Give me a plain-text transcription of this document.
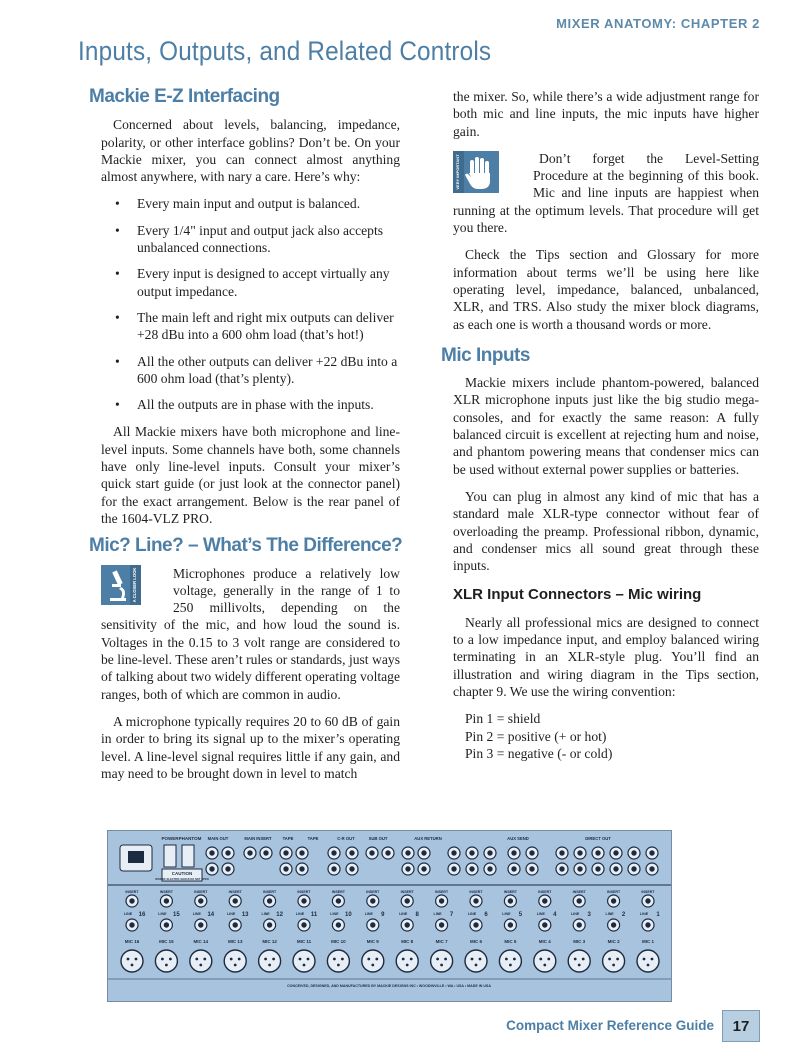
MIXER ANATOMY: CHAPTER 2
Inputs, Outputs, and Related Controls
Mackie E-Z Interfacing

Concerned about levels, balancing, impedance, polarity, or other interface goblins? Don’t be. On your Mackie mixer, you can connect almost anything almost anywhere, with nary a care. Here’s why:

• Every main input and output is balanced.
• Every 1/4" input and output jack also accepts unbalanced connections.
• Every input is designed to accept virtually any output impedance.
• The main left and right mix outputs can deliver +28 dBu into a 600 ohm load (that’s hot!)
• All the other outputs can deliver +22 dBu into a 600 ohm load (that’s plenty).
• All the outputs are in phase with the inputs.

All Mackie mixers have both microphone and line-level inputs. Some channels have both, some channels have only line-level inputs. Consult your mixer’s quick start guide (or just look at the connector panel) for the exact arrangement. Below is the rear panel of the 1604-VLZ PRO.

Mic? Line? – What’s The Difference?
A CLOSER LOOK	Microphones produce a relatively low voltage, generally in the range of 1 to 250 millivolts, depending on the sensitivity of the mic, and how loud the sound is. Voltages in the 0.15 to 3 volt range are considered to be line-level. These aren’t rules or standards, just ways of talking about two widely different operating voltage ranges, both of which are common in audio.

A microphone typically requires 20 to 60 dB of gain in order to bring its signal up to the mixer’s operating level. A line-level signal requires little if any gain, and may need to be brought down in level to match

the mixer. So, while there’s a wide adjustment range for both mic and line inputs, the mic inputs have higher gain.

VERY IMPORTANT	Don’t forget the Level-Setting Procedure at the beginning of this book. Mic and line inputs are happiest when running at the optimum levels. That procedure will get you there.

Check the Tips section and Glossary for more information about terms we’ll be using here like operating level, impedance, balanced, unbalanced, XLR, and TRS. Also study the mixer block diagrams, as each one is worth a thousand words or more.

Mic Inputs

Mackie mixers include phantom-powered, balanced XLR microphone inputs just like the big studio mega-consoles, and for exactly the same reason: A fully balanced circuit is excellent at rejecting hum and noise, and phantom powering means that condenser mics can be used without external power supplies or batteries.

You can plug in almost any kind of mic that has a standard male XLR-type connector without fear of overloading the preamp. Professional ribbon, dynamic, and condenser mics all sound great through these inputs.

XLR Input Connectors – Mic wiring

Nearly all professional mics are designed to connect to a low impedance input, and employ balanced wiring terminating in an XLR-style plug. You’ll find an illustration and wiring diagram in the Tips section, chapter 9. We use the wiring convention:

Pin 1 = shield
Pin 2 = positive (+ or hot)
Pin 3 = negative (- or cold)
POWER PHANTOM
CAUTION
RISK OF ELECTRIC SHOCK DO NOT OPEN
MAIN OUT	MAIN INSERT	TAPE	TAPE	C-R OUT	SUB OUT	AUX RETURN	AUX SEND	DIRECT OUT
INSERT
LINE 16
MIC 16
INSERT
LINE 15
MIC 15
INSERT
LINE 14
MIC 14
INSERT
LINE 13
MIC 13
INSERT
LINE 12
MIC 12
INSERT
LINE 11
MIC 11
INSERT
LINE 10
MIC 10
INSERT
LINE 9
MIC 9
INSERT
LINE 8
MIC 8
INSERT
LINE 7
MIC 7
INSERT
LINE 6
MIC 6
INSERT
LINE 5
MIC 5
INSERT
LINE 4
MIC 4
INSERT
LINE 3
MIC 3
INSERT
LINE 2
MIC 2
INSERT
LINE 1
MIC 1
CONCEIVED, DESIGNED, AND MANUFACTURED BY MACKIE DESIGNS INC • WOODINVILLE • WA • USA • MADE IN USA
Compact Mixer Reference Guide	17
